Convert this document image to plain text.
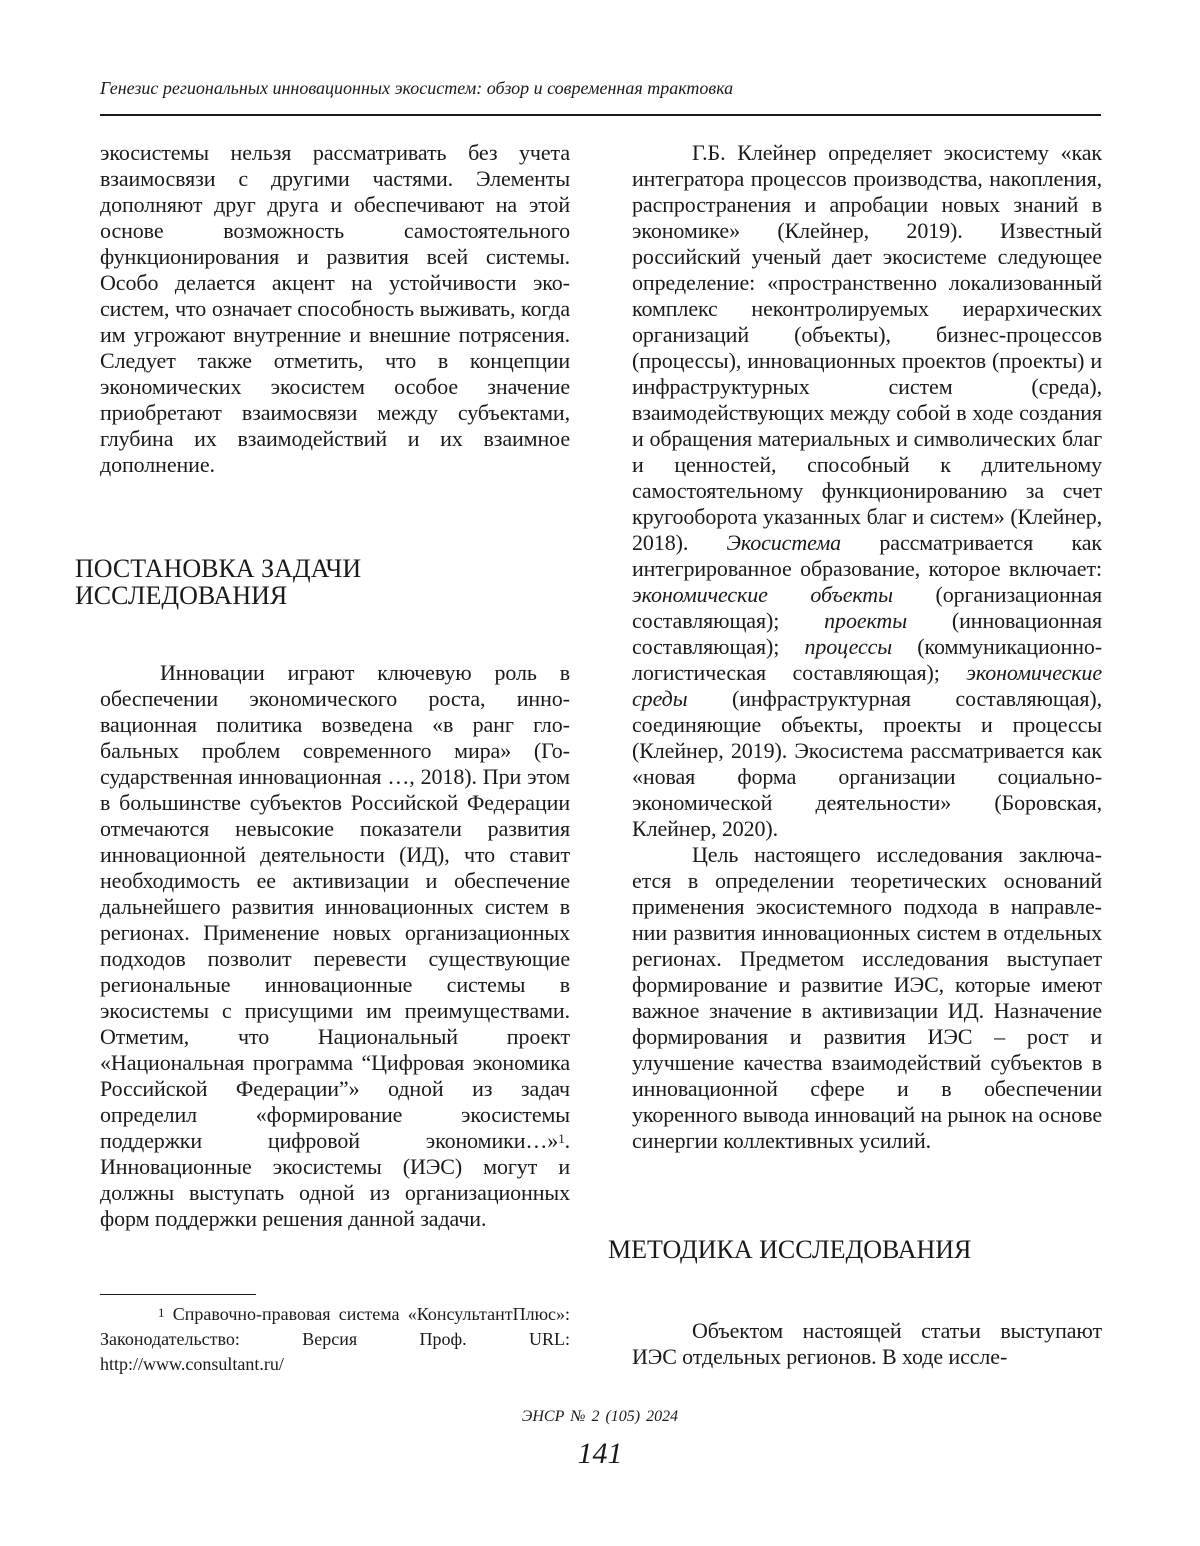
Генезис региональных инновационных экосистем: обзор и современная трактовка

экосистемы нельзя рассматривать без учета взаимосвязи с другими частями. Элементы дополняют друг друга и обеспечивают на этой основе возможность самостоятельного функционирования и развития всей системы. Особо делается акцент на устойчивости экосистем, что означает способность выживать, когда им угрожают внутренние и внешние потрясения. Следует также отметить, что в концепции экономических экосистем особое значение приобретают взаимосвязи между субъектами, глубина их взаимодействий и их взаимное дополнение.

ПОСТАНОВКА ЗАДАЧИ ИССЛЕДОВАНИЯ

Инновации играют ключевую роль в обеспечении экономического роста, инновационная политика возведена «в ранг глобальных проблем современного мира» (Государственная инновационная …, 2018). При этом в большинстве субъектов Российской Федерации отмечаются невысокие показатели развития инновационной деятельности (ИД), что ставит необходимость ее активизации и обеспечение дальнейшего развития инновационных систем в регионах. Применение новых организационных подходов позволит перевести существующие региональные инновационные системы в экосистемы с присущими им преимуществами. Отметим, что Национальный проект «Национальная программа “Цифровая экономика Российской Федерации”» одной из задач определил «формирование экосистемы поддержки цифровой экономики…»$^1$. Инновационные экосистемы (ИЭС) могут и должны выступать одной из организационных форм поддержки решения данной задачи.

$^1$ Справочно-правовая система «КонсультантПлюс»: Законодательство: Версия Проф. URL: http://www.consultant.ru/

Г.Б. Клейнер определяет экосистему «как интегратора процессов производства, накопления, распространения и апробации новых знаний в экономике» (Клейнер, 2019). Известный российский ученый дает экосистеме следующее определение: «пространственно локализованный комплекс неконтролируемых иерархических организаций (объекты), бизнес-процессов (процессы), инновационных проектов (проекты) и инфраструктурных систем (среда), взаимодействующих между собой в ходе создания и обращения материальных и символических благ и ценностей, способный к длительному самостоятельному функционированию за счет кругооборота указанных благ и систем» (Клейнер, 2018). Экосистема рассматривается как интегрированное образование, которое включает: экономические объекты (организационная составляющая); проекты (инновационная составляющая); процессы (коммуникационно-логистическая составляющая); экономические среды (инфраструктурная составляющая), соединяющие объекты, проекты и процессы (Клейнер, 2019). Экосистема рассматривается как «новая форма организации социально-экономической деятельности» (Боровская, Клейнер, 2020).

Цель настоящего исследования заключается в определении теоретических оснований применения экосистемного подхода в направлении развития инновационных систем в отдельных регионах. Предметом исследования выступает формирование и развитие ИЭС, которые имеют важное значение в активизации ИД. Назначение формирования и развития ИЭС – рост и улучшение качества взаимодействий субъектов в инновационной сфере и в обеспечении укоренного вывода инноваций на рынок на основе синергии коллективных усилий.

МЕТОДИКА ИССЛЕДОВАНИЯ

Объектом настоящей статьи выступают ИЭС отдельных регионов. В ходе иссле-

ЭНСР № 2 (105) 2024
141
